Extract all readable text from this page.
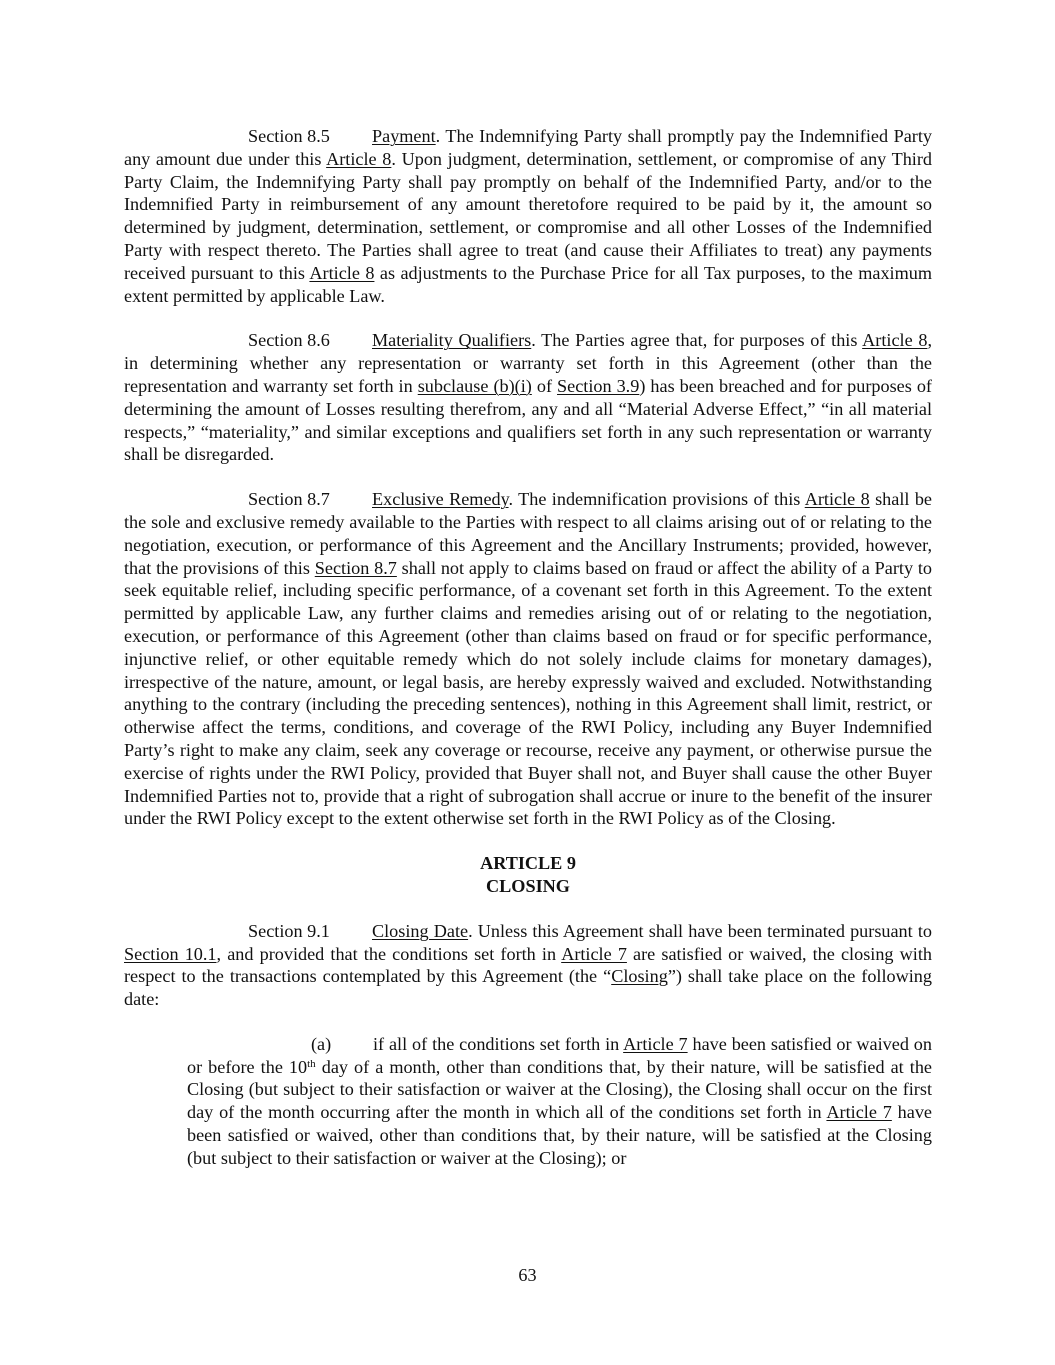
Section 8.5 Payment. The Indemnifying Party shall promptly pay the Indemnified Party any amount due under this Article 8. Upon judgment, determination, settlement, or compromise of any Third Party Claim, the Indemnifying Party shall pay promptly on behalf of the Indemnified Party, and/or to the Indemnified Party in reimbursement of any amount theretofore required to be paid by it, the amount so determined by judgment, determination, settlement, or compromise and all other Losses of the Indemnified Party with respect thereto. The Parties shall agree to treat (and cause their Affiliates to treat) any payments received pursuant to this Article 8 as adjustments to the Purchase Price for all Tax purposes, to the maximum extent permitted by applicable Law.

Section 8.6 Materiality Qualifiers. The Parties agree that, for purposes of this Article 8, in determining whether any representation or warranty set forth in this Agreement (other than the representation and warranty set forth in subclause (b)(i) of Section 3.9) has been breached and for purposes of determining the amount of Losses resulting therefrom, any and all “Material Adverse Effect,” “in all material respects,” “materiality,” and similar exceptions and qualifiers set forth in any such representation or warranty shall be disregarded.

Section 8.7 Exclusive Remedy. The indemnification provisions of this Article 8 shall be the sole and exclusive remedy available to the Parties with respect to all claims arising out of or relating to the negotiation, execution, or performance of this Agreement and the Ancillary Instruments; provided, however, that the provisions of this Section 8.7 shall not apply to claims based on fraud or affect the ability of a Party to seek equitable relief, including specific performance, of a covenant set forth in this Agreement. To the extent permitted by applicable Law, any further claims and remedies arising out of or relating to the negotiation, execution, or performance of this Agreement (other than claims based on fraud or for specific performance, injunctive relief, or other equitable remedy which do not solely include claims for monetary damages), irrespective of the nature, amount, or legal basis, are hereby expressly waived and excluded. Notwithstanding anything to the contrary (including the preceding sentences), nothing in this Agreement shall limit, restrict, or otherwise affect the terms, conditions, and coverage of the RWI Policy, including any Buyer Indemnified Party’s right to make any claim, seek any coverage or recourse, receive any payment, or otherwise pursue the exercise of rights under the RWI Policy, provided that Buyer shall not, and Buyer shall cause the other Buyer Indemnified Parties not to, provide that a right of subrogation shall accrue or inure to the benefit of the insurer under the RWI Policy except to the extent otherwise set forth in the RWI Policy as of the Closing.

ARTICLE 9
CLOSING

Section 9.1 Closing Date. Unless this Agreement shall have been terminated pursuant to Section 10.1, and provided that the conditions set forth in Article 7 are satisfied or waived, the closing with respect to the transactions contemplated by this Agreement (the “Closing”) shall take place on the following date:

(a) if all of the conditions set forth in Article 7 have been satisfied or waived on or before the 10th day of a month, other than conditions that, by their nature, will be satisfied at the Closing (but subject to their satisfaction or waiver at the Closing), the Closing shall occur on the first day of the month occurring after the month in which all of the conditions set forth in Article 7 have been satisfied or waived, other than conditions that, by their nature, will be satisfied at the Closing (but subject to their satisfaction or waiver at the Closing); or

63
